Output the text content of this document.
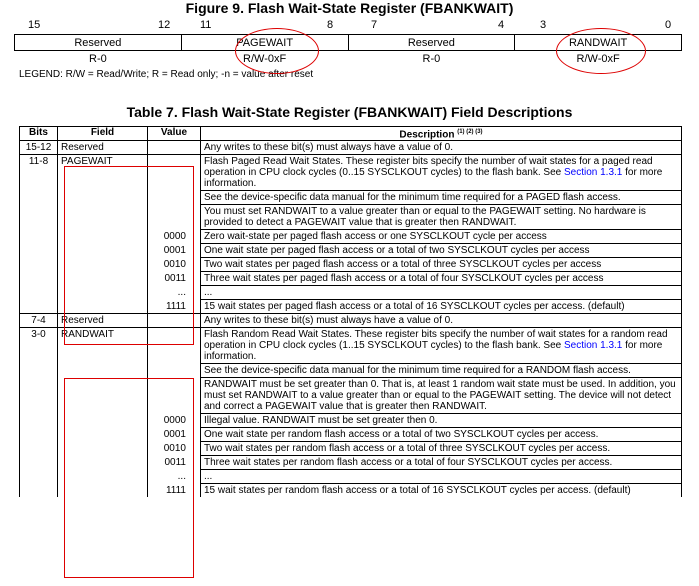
Figure 9. Flash Wait-State Register (FBANKWAIT)
15	12	11	8	7	4	3	0
Reserved	PAGEWAIT	Reserved	RANDWAIT
R-0	R/W-0xF	R-0	R/W-0xF
LEGEND: R/W = Read/Write; R = Read only; -n = value after reset
Table 7. Flash Wait-State Register (FBANKWAIT) Field Descriptions
Bits	Field	Value	Description $^{(1) (2) (3)}$
15-12	Reserved		Any writes to these bit(s) must always have a value of 0.
11-8	PAGEWAIT		Flash Paged Read Wait States. These register bits specify the number of wait states for a paged read operation in CPU clock cycles (0..15 SYSCLKOUT cycles) to the flash bank. See Section 1.3.1 for more information.
			See the device-specific data manual for the minimum time required for a PAGED flash access.
			You must set RANDWAIT to a value greater than or equal to the PAGEWAIT setting. No hardware is provided to detect a PAGEWAIT value that is greater then RANDWAIT.
		0000	Zero wait-state per paged flash access or one SYSCLKOUT cycle per access
		0001	One wait state per paged flash access or a total of two SYSCLKOUT cycles per access
		0010	Two wait states per paged flash access or a total of three SYSCLKOUT cycles per access
		0011	Three wait states per paged flash access or a total of four SYSCLKOUT cycles per access
		...	...
		1111	15 wait states per paged flash access or a total of 16 SYSCLKOUT cycles per access. (default)
7-4	Reserved		Any writes to these bit(s) must always have a value of 0.
3-0	RANDWAIT		Flash Random Read Wait States. These register bits specify the number of wait states for a random read operation in CPU clock cycles (1..15 SYSCLKOUT cycles) to the flash bank. See Section 1.3.1 for more information.
			See the device-specific data manual for the minimum time required for a RANDOM flash access.
			RANDWAIT must be set greater than 0. That is, at least 1 random wait state must be used. In addition, you must set RANDWAIT to a value greater than or equal to the PAGEWAIT setting. The device will not detect and correct a PAGEWAIT value that is greater then RANDWAIT.
		0000	Illegal value. RANDWAIT must be set greater then 0.
		0001	One wait state per random flash access or a total of two SYSCLKOUT cycles per access.
		0010	Two wait states per random flash access or a total of three SYSCLKOUT cycles per access.
		0011	Three wait states per random flash access or a total of four SYSCLKOUT cycles per access.
		...	...
		1111	15 wait states per random flash access or a total of 16 SYSCLKOUT cycles per access. (default)
